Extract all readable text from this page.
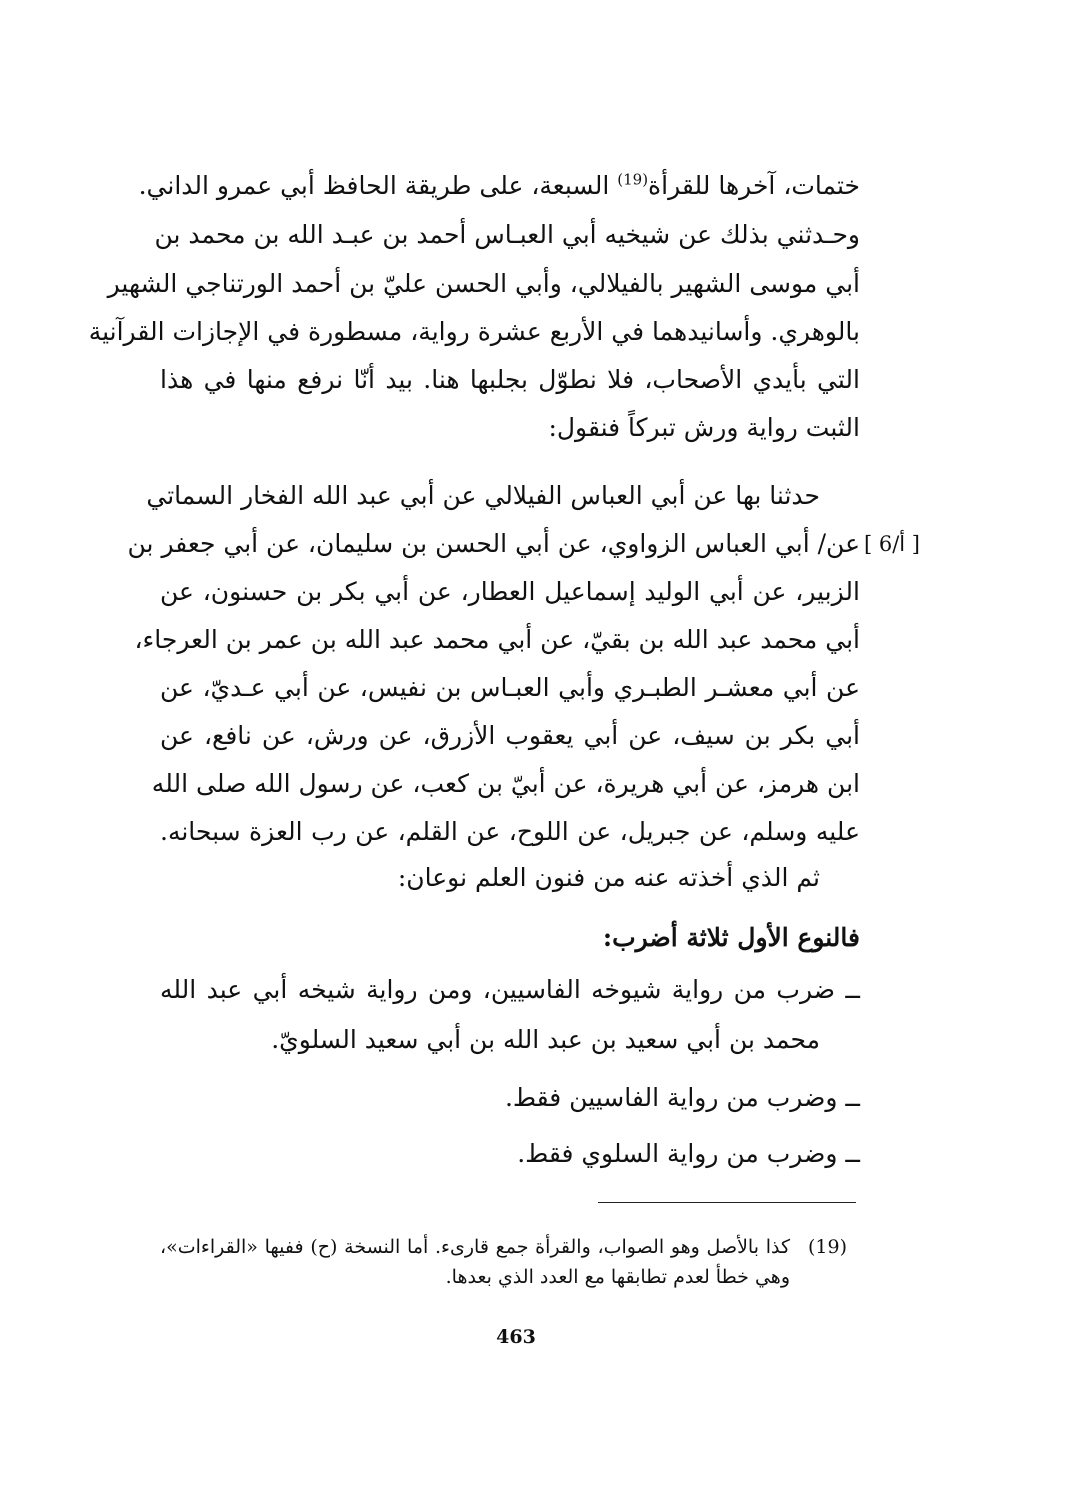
ختمات، آخرها للقرأة$^{(19)}$ السبعة، على طريقة الحافظ أبي عمرو الداني.
وحـدثني بذلك عن شيخيه أبي العبـاس أحمد بن عبـد الله بن محمد بن
أبي موسى الشهير بالفيلالي، وأبي الحسن عليّ بن أحمد الورتناجي الشهير
بالوهري. وأسانيدهما في الأربع عشرة رواية، مسطورة في الإجازات القرآنية
التي بأيدي الأصحاب، فلا نطوّل بجلبها هنا. بيد أنّا نرفع منها في هذا
الثبت رواية ورش تبركاً فنقول:
حدثنا بها عن أبي العباس الفيلالي عن أبي عبد الله الفخار السماتي
عن/ أبي العباس الزواوي، عن أبي الحسن بن سليمان، عن أبي جعفر بن [ 6/أ ]
الزبير، عن أبي الوليد إسماعيل العطار، عن أبي بكر بن حسنون، عن
أبي محمد عبد الله بن بقيّ، عن أبي محمد عبد الله بن عمر بن العرجاء،
عن أبي معشـر الطبـري وأبي العبـاس بن نفيس، عن أبي عـديّ، عن
أبي بكر بن سيف، عن أبي يعقوب الأزرق، عن ورش، عن نافع، عن
ابن هرمز، عن أبي هريرة، عن أبيّ بن كعب، عن رسول الله صلى الله
عليه وسلم، عن جبريل، عن اللوح، عن القلم، عن رب العزة سبحانه.
ثم الذي أخذته عنه من فنون العلم نوعان:
فالنوع الأول ثلاثة أضرب:
ــ ضرب من رواية شيوخه الفاسيين، ومن رواية شيخه أبي عبد الله
محمد بن أبي سعيد بن عبد الله بن أبي سعيد السلويّ.
ــ وضرب من رواية الفاسيين فقط.
ــ وضرب من رواية السلوي فقط.
(19)
كذا بالأصل وهو الصواب، والقرأة جمع قارىء. أما النسخة (ح) ففيها «القراءات»،
وهي خطأ لعدم تطابقها مع العدد الذي بعدها.
463
